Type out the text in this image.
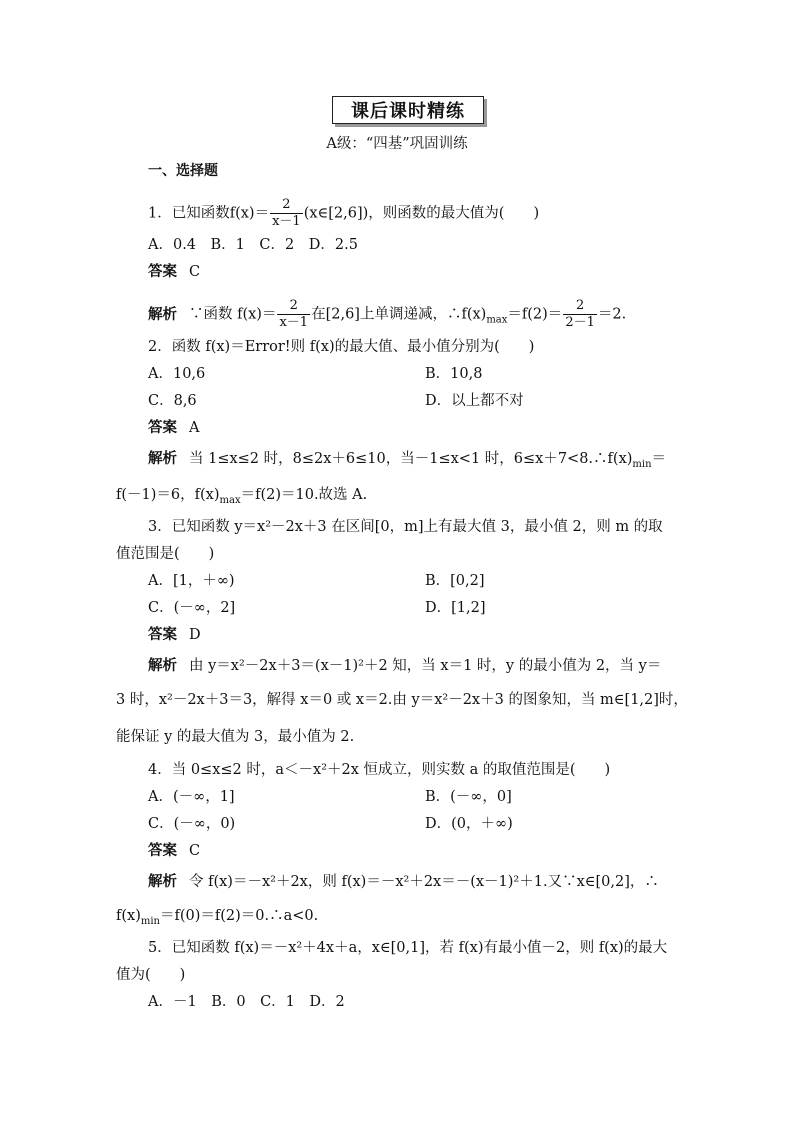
课后课时精练
A级：“四基”巩固训练
一、选择题
1．已知函数$f(x)= \frac{2}{x-1}$ (x∈[2,6])，则函数的最大值为(　　)
A．0.4　B．1　C．2　D．2.5
答案 C
解析 ∵函数 $f(x)= \frac{2}{x-1}$ 在[2,6]上单调递减，$\therefore f(x)_{max}=f(2)= \frac{2}{2-1} =2$.
2．函数 f(x)＝Error!则 f(x)的最大值、最小值分别为(　　)
A．10,6	B．10,8
C．8,6	D．以上都不对
答案 A
解析 当 1≤x≤2 时，8≤2x＋6≤10，当－1≤x<1 时，$6\le x+7<8.\therefore f(x)_{min}=$
f(－1)＝6，$f(x)_{max}=f(2)=10$.故选 A.
3．已知函数 y＝x²－2x＋3 在区间[0，m]上有最大值 3，最小值 2，则 m 的取
值范围是(　　)
A．[1，＋∞)	B．[0,2]
C．(－∞，2]	D．[1,2]
答案 D
解析 由 y＝x²－2x＋3＝(x－1)²＋2 知，当 x＝1 时，y 的最小值为 2，当 y＝
3 时，x²－2x＋3＝3，解得 x＝0 或 x＝2.由 y＝x²－2x＋3 的图象知，当 m∈[1,2]时，
能保证 y 的最大值为 3，最小值为 2.
4．当 0≤x≤2 时，a＜－x²＋2x 恒成立，则实数 a 的取值范围是(　　)
A．(－∞，1]	B．(－∞，0]
C．(－∞，0)	D．(0，＋∞)
答案 C
解析 令 f(x)＝－x²＋2x，则 f(x)＝－x²＋2x＝－(x－1)²＋1.又∵x∈[0,2]，∴
$f(x)_{min}=f(0)=f(2)=0.\therefore a<0$.
5．已知函数 f(x)＝－x²＋4x＋a，x∈[0,1]，若 f(x)有最小值－2，则 f(x)的最大
值为(　　)
A．－1　B．0　C．1　D．2
